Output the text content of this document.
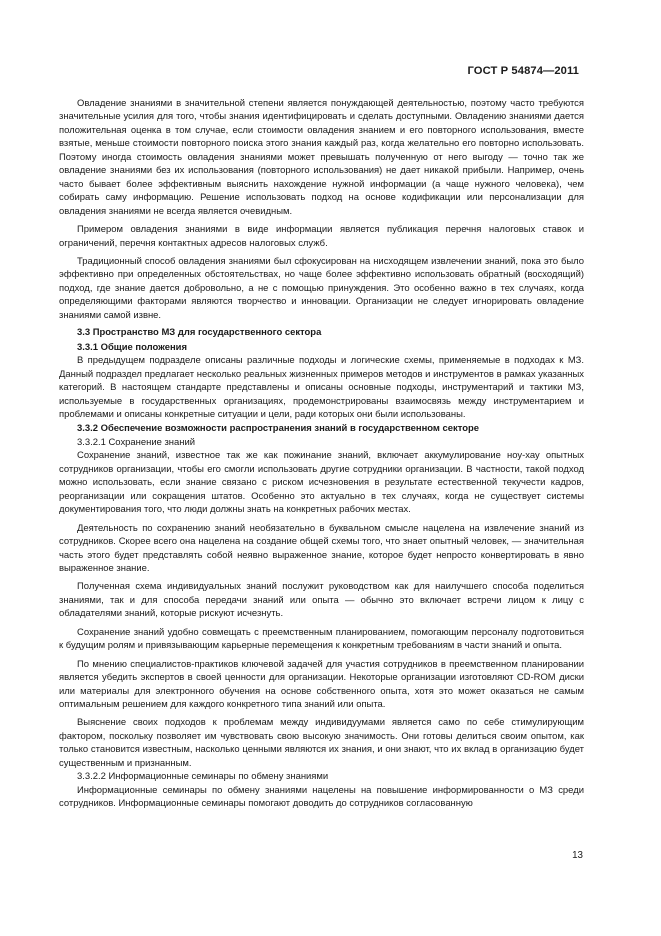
ГОСТ Р 54874—2011

Овладение знаниями в значительной степени является понуждающей деятельностью, поэтому часто требуются значительные усилия для того, чтобы знания идентифицировать и сделать доступными. Овладению знаниями дается положительная оценка в том случае, если стоимости овладения знанием и его повторного использования, вместе взятые, меньше стоимости повторного поиска этого знания каждый раз, когда желательно его повторно использовать. Поэтому иногда стоимость овладения знаниями может превышать полученную от него выгоду — точно так же овладение знаниями без их использования (повторного использования) не дает никакой прибыли. Например, очень часто бывает более эффективным выяснить нахождение нужной информации (а чаще нужного человека), чем собирать саму информацию. Решение использовать подход на основе кодификации или персонализации для овладения знаниями не всегда является очевидным.

Примером овладения знаниями в виде информации является публикация перечня налоговых ставок и ограничений, перечня контактных адресов налоговых служб.

Традиционный способ овладения знаниями был сфокусирован на нисходящем извлечении знаний, пока это было эффективно при определенных обстоятельствах, но чаще более эффективно использовать обратный (восходящий) подход, где знание дается добровольно, а не с помощью принуждения. Это особенно важно в тех случаях, когда определяющими факторами являются творчество и инновации. Организации не следует игнорировать овладение знаниями самой извне.

3.3 Пространство МЗ для государственного сектора
3.3.1 Общие положения

В предыдущем подразделе описаны различные подходы и логические схемы, применяемые в подходах к МЗ. Данный подраздел предлагает несколько реальных жизненных примеров методов и инструментов в рамках указанных категорий. В настоящем стандарте представлены и описаны основные подходы, инструментарий и тактики МЗ, используемые в государственных организациях, продемонстрированы взаимосвязь между инструментарием и проблемами и описаны конкретные ситуации и цели, ради которых они были использованы.

3.3.2 Обеспечение возможности распространения знаний в государственном секторе
3.3.2.1 Сохранение знаний

Сохранение знаний, известное так же как пожинание знаний, включает аккумулирование ноу-хау опытных сотрудников организации, чтобы его смогли использовать другие сотрудники организации. В частности, такой подход можно использовать, если знание связано с риском исчезновения в результате естественной текучести кадров, реорганизации или сокращения штатов. Особенно это актуально в тех случаях, когда не существует системы документирования того, что люди должны знать на конкретных рабочих местах.

Деятельность по сохранению знаний необязательно в буквальном смысле нацелена на извлечение знаний из сотрудников. Скорее всего она нацелена на создание общей схемы того, что знает опытный человек, — значительная часть этого будет представлять собой неявно выраженное знание, которое будет непросто конвертировать в явно выраженное знание.

Полученная схема индивидуальных знаний послужит руководством как для наилучшего способа поделиться знаниями, так и для способа передачи знаний или опыта — обычно это включает встречи лицом к лицу с обладателями знаний, которые рискуют исчезнуть.

Сохранение знаний удобно совмещать с преемственным планированием, помогающим персоналу подготовиться к будущим ролям и привязывающим карьерные перемещения к конкретным требованиям в части знаний и опыта.

По мнению специалистов-практиков ключевой задачей для участия сотрудников в преемственном планировании является убедить экспертов в своей ценности для организации. Некоторые организации изготовляют CD-ROM диски или материалы для электронного обучения на основе собственного опыта, хотя это может оказаться не самым оптимальным решением для каждого конкретного типа знаний или опыта.

Выяснение своих подходов к проблемам между индивидуумами является само по себе стимулирующим фактором, поскольку позволяет им чувствовать свою высокую значимость. Они готовы делиться своим опытом, как только становится известным, насколько ценными являются их знания, и они знают, что их вклад в организацию будет существенным и признанным.

3.3.2.2 Информационные семинары по обмену знаниями

Информационные семинары по обмену знаниями нацелены на повышение информированности о МЗ среди сотрудников. Информационные семинары помогают доводить до сотрудников согласованную

13
